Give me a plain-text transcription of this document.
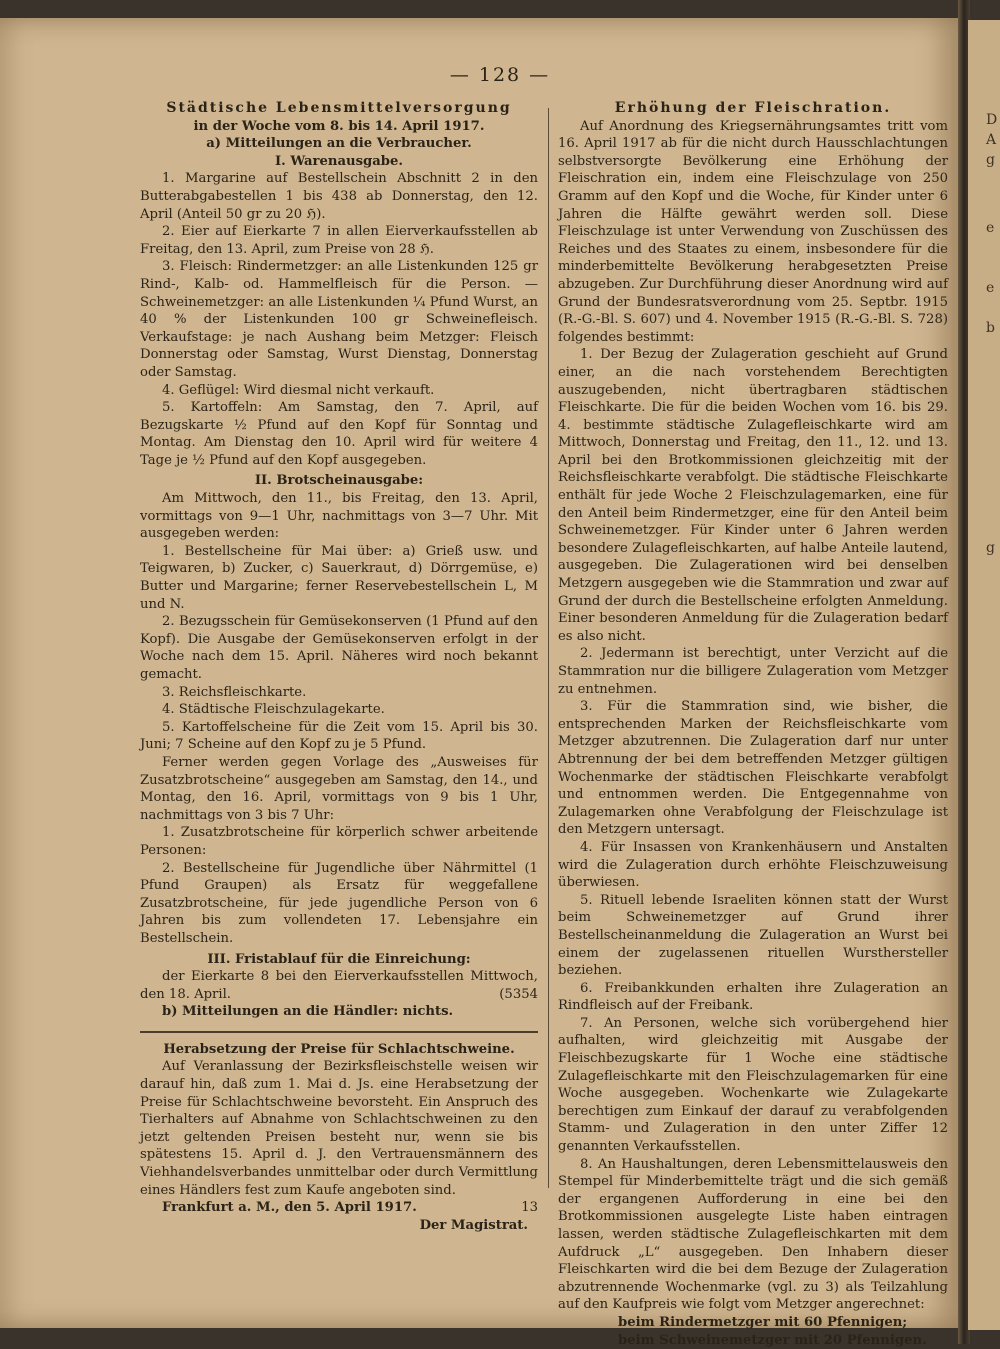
D
A
g
e
e
b
g
— 128 —

Städtische Lebensmittelversorgung

in der Woche vom 8. bis 14. April 1917.

a) Mitteilungen an die Verbraucher.

I. Warenausgabe.

1. Margarine auf Bestellschein Abschnitt 2 in den Butterabgabestellen 1 bis 438 ab Donnerstag, den 12. April (Anteil 50 gr zu 20 ℌ).

2. Eier auf Eierkarte 7 in allen Eierverkaufsstellen ab Freitag, den 13. April, zum Preise von 28 ℌ.

3. Fleisch: Rindermetzger: an alle Listenkunden 125 gr Rind-, Kalb- od. Hammelfleisch für die Person. — Schweinemetzger: an alle Listenkunden ¼ Pfund Wurst, an 40 % der Listenkunden 100 gr Schweinefleisch. Verkaufstage: je nach Aushang beim Metzger: Fleisch Donnerstag oder Samstag, Wurst Dienstag, Donnerstag oder Samstag.

4. Geflügel: Wird diesmal nicht verkauft.

5. Kartoffeln: Am Samstag, den 7. April, auf Bezugskarte ½ Pfund auf den Kopf für Sonntag und Montag. Am Dienstag den 10. April wird für weitere 4 Tage je ½ Pfund auf den Kopf ausgegeben.

II. Brotscheinausgabe:

Am Mittwoch, den 11., bis Freitag, den 13. April, vormittags von 9—1 Uhr, nachmittags von 3—7 Uhr. Mit ausgegeben werden:

1. Bestellscheine für Mai über: a) Grieß usw. und Teigwaren, b) Zucker, c) Sauerkraut, d) Dörrgemüse, e) Butter und Margarine; ferner Reservebestellschein L, M und N.

2. Bezugsschein für Gemüsekonserven (1 Pfund auf den Kopf). Die Ausgabe der Gemüsekonserven erfolgt in der Woche nach dem 15. April. Näheres wird noch bekannt gemacht.

3. Reichsfleischkarte.

4. Städtische Fleischzulagekarte.

5. Kartoffelscheine für die Zeit vom 15. April bis 30. Juni; 7 Scheine auf den Kopf zu je 5 Pfund.

Ferner werden gegen Vorlage des „Ausweises für Zusatzbrotscheine“ ausgegeben am Samstag, den 14., und Montag, den 16. April, vormittags von 9 bis 1 Uhr, nachmittags von 3 bis 7 Uhr:

1. Zusatzbrotscheine für körperlich schwer arbeitende Personen:

2. Bestellscheine für Jugendliche über Nährmittel (1 Pfund Graupen) als Ersatz für weggefallene Zusatzbrotscheine, für jede jugendliche Person von 6 Jahren bis zum vollendeten 17. Lebensjahre ein Bestellschein.

III. Fristablauf für die Einreichung:

der Eierkarte 8 bei den Eierverkaufsstellen Mittwoch, den 18. April.	(5354

b) Mitteilungen an die Händler: nichts.

Herabsetzung der Preise für Schlachtschweine.

Auf Veranlassung der Bezirksfleischstelle weisen wir darauf hin, daß zum 1. Mai d. Js. eine Herabsetzung der Preise für Schlachtschweine bevorsteht. Ein Anspruch des Tierhalters auf Abnahme von Schlachtschweinen zu den jetzt geltenden Preisen besteht nur, wenn sie bis spätestens 15. April d. J. den Vertrauensmännern des Viehhandelsverbandes unmittelbar oder durch Vermittlung eines Händlers fest zum Kaufe angeboten sind.

Frankfurt a. M., den 5. April 1917.	13

Der Magistrat.

Erhöhung der Fleischration.

Auf Anordnung des Kriegsernährungsamtes tritt vom 16. April 1917 ab für die nicht durch Hausschlachtungen selbstversorgte Bevölkerung eine Erhöhung der Fleischration ein, indem eine Fleischzulage von 250 Gramm auf den Kopf und die Woche, für Kinder unter 6 Jahren die Hälfte gewährt werden soll. Diese Fleischzulage ist unter Verwendung von Zuschüssen des Reiches und des Staates zu einem, insbesondere für die minderbemittelte Bevölkerung herabgesetzten Preise abzugeben. Zur Durchführung dieser Anordnung wird auf Grund der Bundesratsverordnung vom 25. Septbr. 1915 (R.-G.-Bl. S. 607) und 4. November 1915 (R.-G.-Bl. S. 728) folgendes bestimmt:

1. Der Bezug der Zulageration geschieht auf Grund einer, an die nach vorstehendem Berechtigten auszugebenden, nicht übertragbaren städtischen Fleischkarte. Die für die beiden Wochen vom 16. bis 29. 4. bestimmte städtische Zulagefleischkarte wird am Mittwoch, Donnerstag und Freitag, den 11., 12. und 13. April bei den Brotkommissionen gleichzeitig mit der Reichsfleischkarte verabfolgt. Die städtische Fleischkarte enthält für jede Woche 2 Fleischzulagemarken, eine für den Anteil beim Rindermetzger, eine für den Anteil beim Schweinemetzger. Für Kinder unter 6 Jahren werden besondere Zulagefleischkarten, auf halbe Anteile lautend, ausgegeben. Die Zulagerationen wird bei denselben Metzgern ausgegeben wie die Stammration und zwar auf Grund der durch die Bestellscheine erfolgten Anmeldung. Einer besonderen Anmeldung für die Zulageration bedarf es also nicht.

2. Jedermann ist berechtigt, unter Verzicht auf die Stammration nur die billigere Zulageration vom Metzger zu entnehmen.

3. Für die Stammration sind, wie bisher, die entsprechenden Marken der Reichsfleischkarte vom Metzger abzutrennen. Die Zulageration darf nur unter Abtrennung der bei dem betreffenden Metzger gültigen Wochenmarke der städtischen Fleischkarte verabfolgt und entnommen werden. Die Entgegennahme von Zulagemarken ohne Verabfolgung der Fleischzulage ist den Metzgern untersagt.

4. Für Insassen von Krankenhäusern und Anstalten wird die Zulageration durch erhöhte Fleischzuweisung überwiesen.

5. Rituell lebende Israeliten können statt der Wurst beim Schweinemetzger auf Grund ihrer Bestellscheinanmeldung die Zulageration an Wurst bei einem der zugelassenen rituellen Wursthersteller beziehen.

6. Freibankkunden erhalten ihre Zulageration an Rindfleisch auf der Freibank.

7. An Personen, welche sich vorübergehend hier aufhalten, wird gleichzeitig mit Ausgabe der Fleischbezugskarte für 1 Woche eine städtische Zulagefleischkarte mit den Fleischzulagemarken für eine Woche ausgegeben. Wochenkarte wie Zulagekarte berechtigen zum Einkauf der darauf zu verabfolgenden Stamm- und Zulageration in den unter Ziffer 12 genannten Verkaufsstellen.

8. An Haushaltungen, deren Lebensmittelausweis den Stempel für Minderbemittelte trägt und die sich gemäß der ergangenen Aufforderung in eine bei den Brotkommissionen ausgelegte Liste haben eintragen lassen, werden städtische Zulagefleischkarten mit dem Aufdruck „L“ ausgegeben. Den Inhabern dieser Fleischkarten wird die bei dem Bezuge der Zulageration abzutrennende Wochenmarke (vgl. zu 3) als Teilzahlung auf den Kaufpreis wie folgt vom Metzger angerechnet:

beim Rindermetzger mit 60 Pfennigen;

beim Schweinemetzger mit 20 Pfennigen.
